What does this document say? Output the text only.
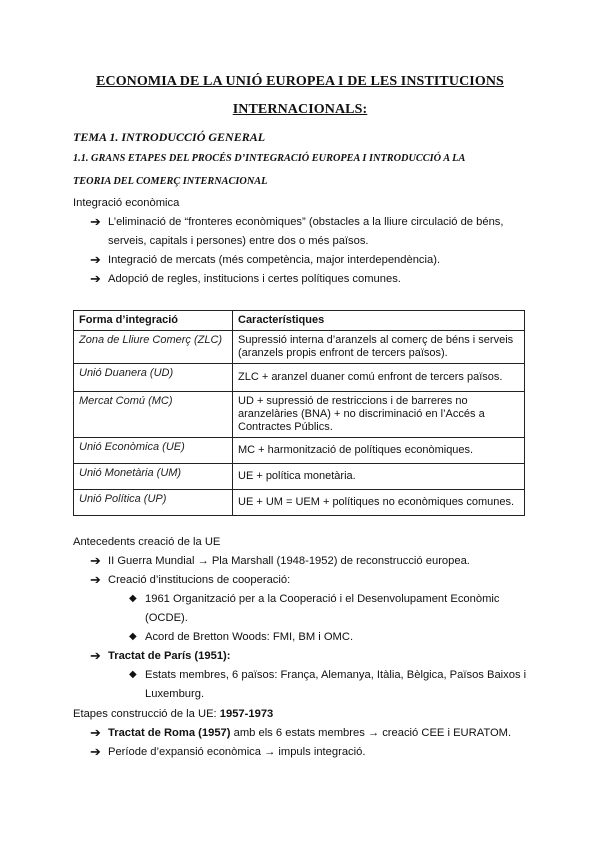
ECONOMIA DE LA UNIÓ EUROPEA I DE LES INSTITUCIONS
INTERNACIONALS:
TEMA 1. INTRODUCCIÓ GENERAL
1.1. GRANS ETAPES DEL PROCÉS D’INTEGRACIÓ EUROPEA I INTRODUCCIÓ A LA
TEORIA DEL COMERÇ INTERNACIONAL
Integració econòmica
➔ L’eliminació de “fronteres econòmiques” (obstacles a la lliure circulació de béns,
serveis, capitals i persones) entre dos o més països.
➔ Integració de mercats (més competència, major interdependència).
➔ Adopció de regles, institucions i certes polítiques comunes.
Forma d’integració	Característiques
Zona de Lliure Comerç (ZLC)	Supressió interna d’aranzels al comerç de béns i serveis (aranzels propis enfront de tercers països).
Unió Duanera (UD)	ZLC + aranzel duaner comú enfront de tercers països.
Mercat Comú (MC)	UD + supressió de restriccions i de barreres no aranzelàries (BNA) + no discriminació en l’Accés a Contractes Públics.
Unió Econòmica (UE)	MC + harmonització de polítiques econòmiques.
Unió Monetària (UM)	UE + política monetària.
Unió Política (UP)	UE + UM = UEM + polítiques no econòmiques comunes.
Antecedents creació de la UE
➔ II Guerra Mundial → Pla Marshall (1948-1952) de reconstrucció europea.
➔ Creació d’institucions de cooperació:
◆ 1961 Organització per a la Cooperació i el Desenvolupament Econòmic
(OCDE).
◆ Acord de Bretton Woods: FMI, BM i OMC.
➔ Tractat de París (1951):
◆ Estats membres, 6 països: França, Alemanya, Itàlia, Bèlgica, Països Baixos i
Luxemburg.
Etapes construcció de la UE: 1957-1973
➔ Tractat de Roma (1957) amb els 6 estats membres → creació CEE i EURATOM.
➔ Període d’expansió econòmica → impuls integració.
